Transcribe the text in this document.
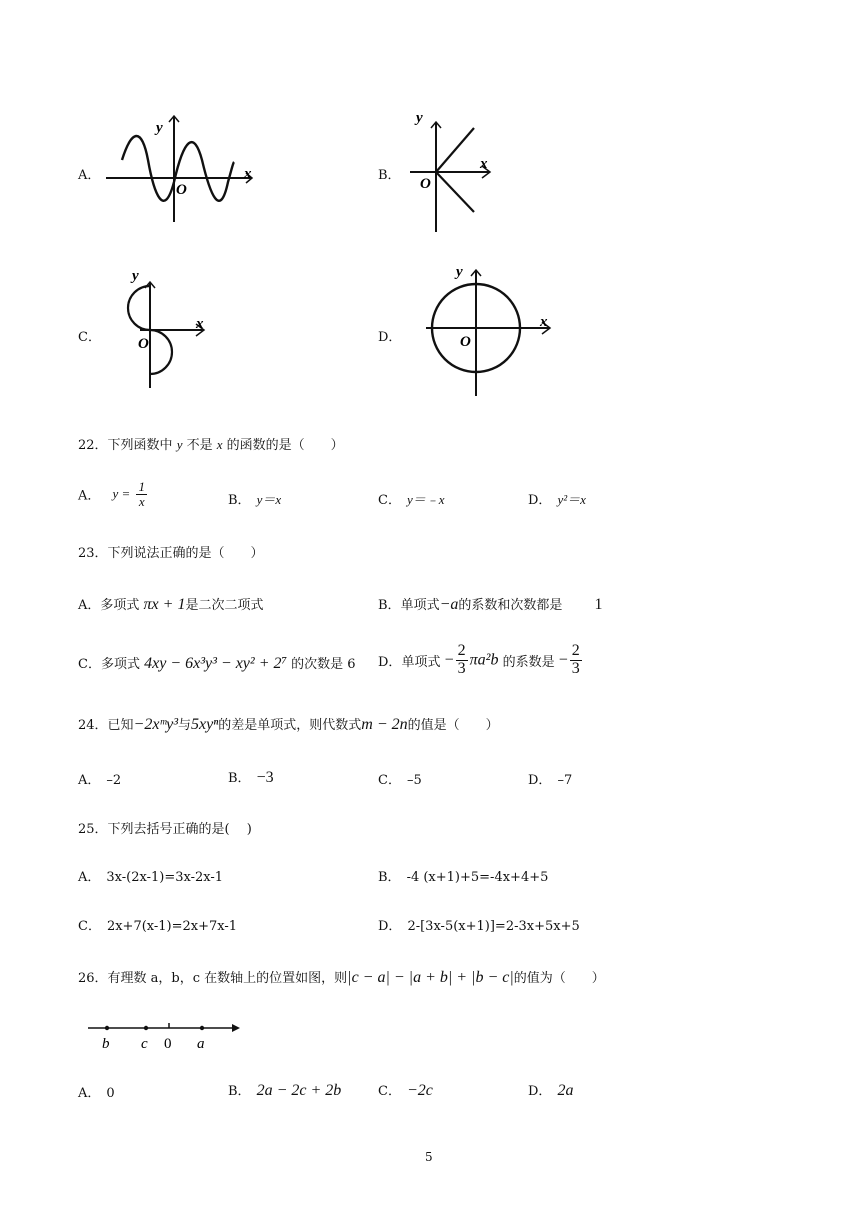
A．
y
x
O
B．
y
x
O
C．
y
x
O	D．
y
x
O
22．下列函数中 y 不是 x 的函数的是（　　）
A． $y = \frac{1}{x}$	B． y＝x	C． y＝﹣x	D． y²＝x
23．下列说法正确的是（　　）
A．多项式 πx + 1是二次二项式	B．单项式−a的系数和次数都是 1
C．多项式 4xy − 6x³y³ − xy² + 2⁷ 的次数是 6 D．单项式 − $\frac{2}{3} \pi a^2b$ 的系数是 − $\frac{2}{3}$
24．已知−2xᵐy³与5xyⁿ的差是单项式，则代数式m − 2n的值是（　　）
A． –2	B． −3	C． –5	D． –7
25．下列去括号正确的是(　 )
A． 3x-(2x-1)=3x-2x-1	B． -4 (x+1)+5=-4x+4+5
C． 2x+7(x-1)=2x+7x-1	D． 2-[3x-5(x+1)]=2-3x+5x+5
26．有理数 a，b，c 在数轴上的位置如图，则|c − a| − |a + b| + |b − c|的值为（　　）
b c 0 a
A． 0	B． 2a − 2c + 2b	C． −2c	D． 2a
5
